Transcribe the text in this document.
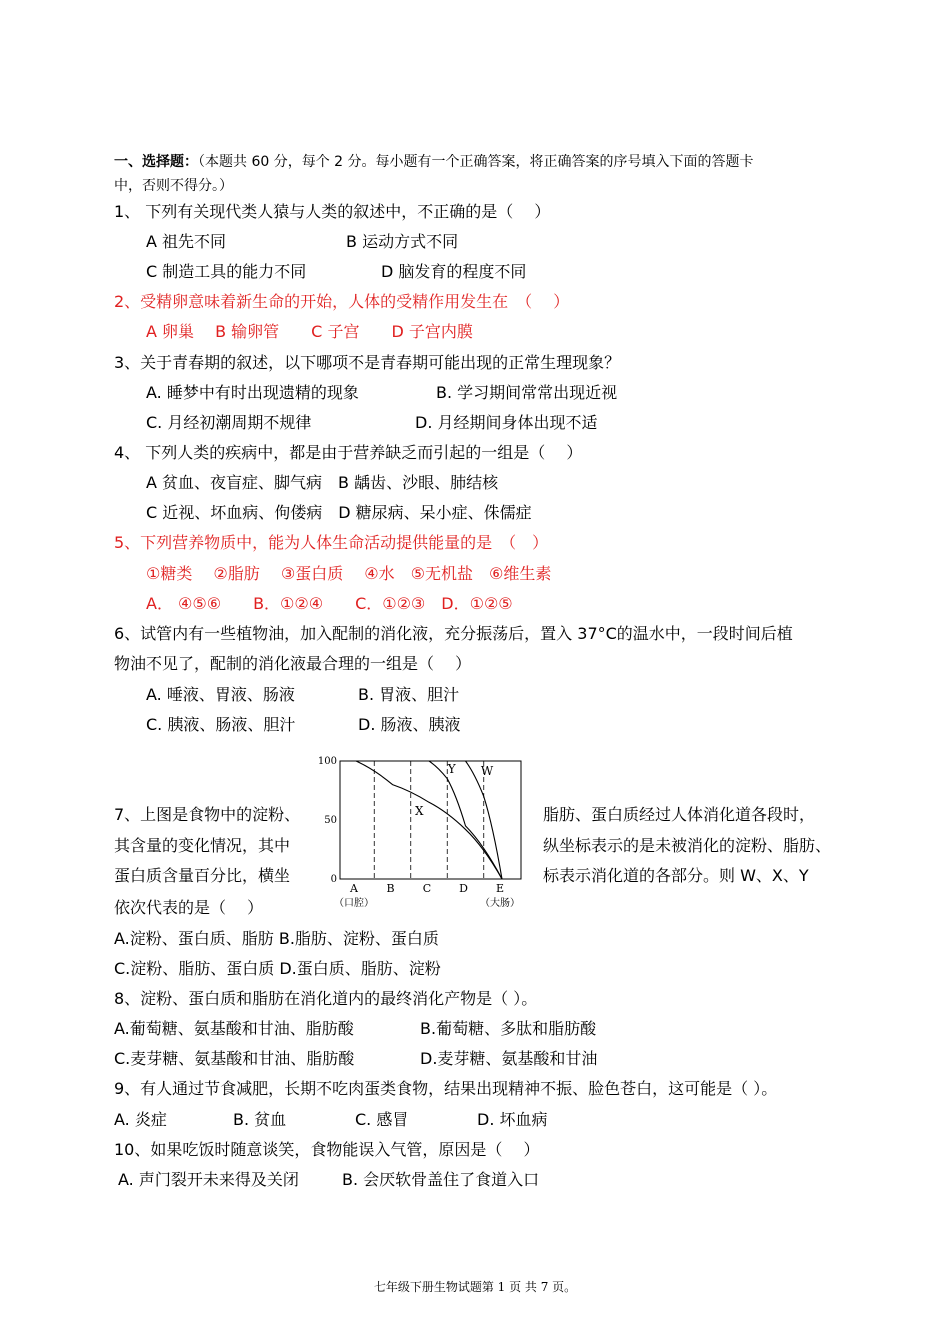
一、选择题：（本题共 60 分，每个 2 分。每小题有一个正确答案，将正确答案的序号填入下面的答题卡
中，否则不得分。）
1、 下列有关现代类人猿与人类的叙述中，不正确的是（　 ）
A 祖先不同	B 运动方式不同
C 制造工具的能力不同	D 脑发育的程度不同
2、受精卵意味着新生命的开始，人体的受精作用发生在　（　 ）
A 卵巢　 B 输卵管　　C 子宫　　D 子宫内膜
3、关于青春期的叙述，以下哪项不是青春期可能出现的正常生理现象？
A. 睡梦中有时出现遗精的现象	B. 学习期间常常出现近视
C. 月经初潮周期不规律	D. 月经期间身体出现不适
4、 下列人类的疾病中，都是由于营养缺乏而引起的一组是（　 ）
A 贫血、夜盲症、脚气病　B 龋齿、沙眼、肺结核
C 近视、坏血病、佝偻病　D 糖尿病、呆小症、侏儒症
5、下列营养物质中，能为人体生命活动提供能量的是　（　）
①糖类　 ②脂肪　 ③蛋白质　 ④水　⑤无机盐　⑥维生素
A． ④⑤⑥　　B．①②④　　C．①②③　D．①②⑤
6、试管内有一些植物油，加入配制的消化液，充分振荡后，置入 37°C的温水中，一段时间后植
物油不见了，配制的消化液最合理的一组是（　 ）
A. 唾液、胃液、肠液	B. 胃液、胆汁
C. 胰液、肠液、胆汁	D. 肠液、胰液
100
50
0
X
Y W
A
（口腔）
B	C	D	E
（大肠）
7、上图是食物中的淀粉、	脂肪、蛋白质经过人体消化道各段时，
其含量的变化情况，其中	纵坐标表示的是未被消化的淀粉、脂肪、
蛋白质含量百分比，横坐	标表示消化道的各部分。则 W、X、Y
依次代表的是（　 ）
A.淀粉、蛋白质、脂肪 B.脂肪、淀粉、蛋白质
C.淀粉、脂肪、蛋白质 D.蛋白质、脂肪、淀粉
8、淀粉、蛋白质和脂肪在消化道内的最终消化产物是（ ）。
A.葡萄糖、氨基酸和甘油、脂肪酸	B.葡萄糖、多肽和脂肪酸
C.麦芽糖、氨基酸和甘油、脂肪酸	D.麦芽糖、氨基酸和甘油
9、有人通过节食减肥，长期不吃肉蛋类食物，结果出现精神不振、脸色苍白，这可能是（ ）。
A. 炎症	B. 贫血	C. 感冒	D. 坏血病
10、如果吃饭时随意谈笑，食物能误入气管，原因是（　 ）
A. 声门裂开未来得及关闭	B. 会厌软骨盖住了食道入口
七年级下册生物试题第 1 页 共 7 页。
